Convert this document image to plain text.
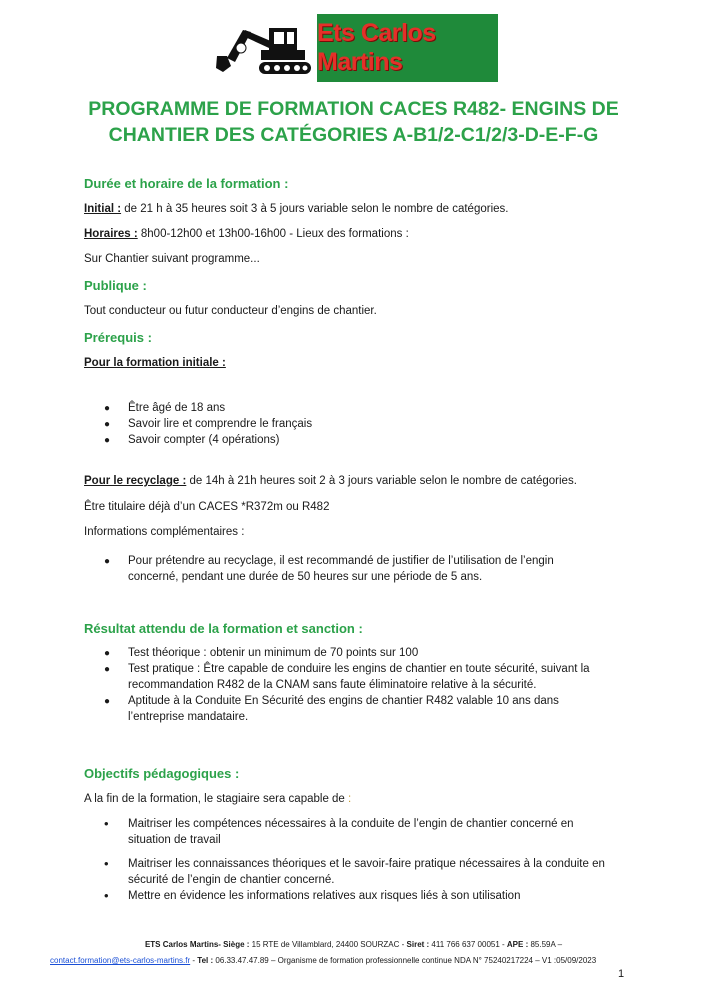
Ets Carlos Martins
PROGRAMME DE FORMATION CACES R482- ENGINS DE
CHANTIER DES CATÉGORIES A-B1/2-C1/2/3-D-E-F-G
Durée et horaire de la formation :

Initial : de 21 h à 35 heures soit 3 à 5 jours variable selon le nombre de catégories.

Horaires : 8h00-12h00 et 13h00-16h00 - Lieux des formations :

Sur Chantier suivant programme...

Publique :

Tout conducteur ou futur conducteur d’engins de chantier.

Prérequis :

Pour la formation initiale :

●
Être âgé de 18 ans
●
Savoir lire et comprendre le français
●
Savoir compter (4 opérations)

Pour le recyclage : de 14h à 21h heures soit 2 à 3 jours variable selon le nombre de catégories.

Être titulaire déjà d’un CACES *R372m ou R482

Informations complémentaires :

●
Pour prétendre au recyclage, il est recommandé de justifier de l’utilisation de l’engin
concerné, pendant une durée de 50 heures sur une période de 5 ans.
Résultat attendu de la formation et sanction :
●
Test théorique : obtenir un minimum de 70 points sur 100
●
Test pratique : Être capable de conduire les engins de chantier en toute sécurité, suivant la
recommandation R482 de la CNAM sans faute éliminatoire relative à la sécurité.
●
Aptitude à la Conduite En Sécurité des engins de chantier R482 valable 10 ans dans
l’entreprise mandataire.
Objectifs pédagogiques :

A la fin de la formation, le stagiaire sera capable de :

•
Maitriser les compétences nécessaires à la conduite de l’engin de chantier concerné en
situation de travail
•
Maitriser les connaissances théoriques et le savoir-faire pratique nécessaires à la conduite en
sécurité de l’engin de chantier concerné.
•
Mettre en évidence les informations relatives aux risques liés à son utilisation

ETS Carlos Martins- Siège : 15 RTE de Villamblard, 24400 SOURZAC - Siret : 411 766 637 00051 - APE : 85.59A –

contact.formation@ets-carlos-martins.fr - Tel : 06.33.47.47.89 – Organisme de formation professionnelle continue NDA N° 75240217224 – V1 :05/09/2023

1
